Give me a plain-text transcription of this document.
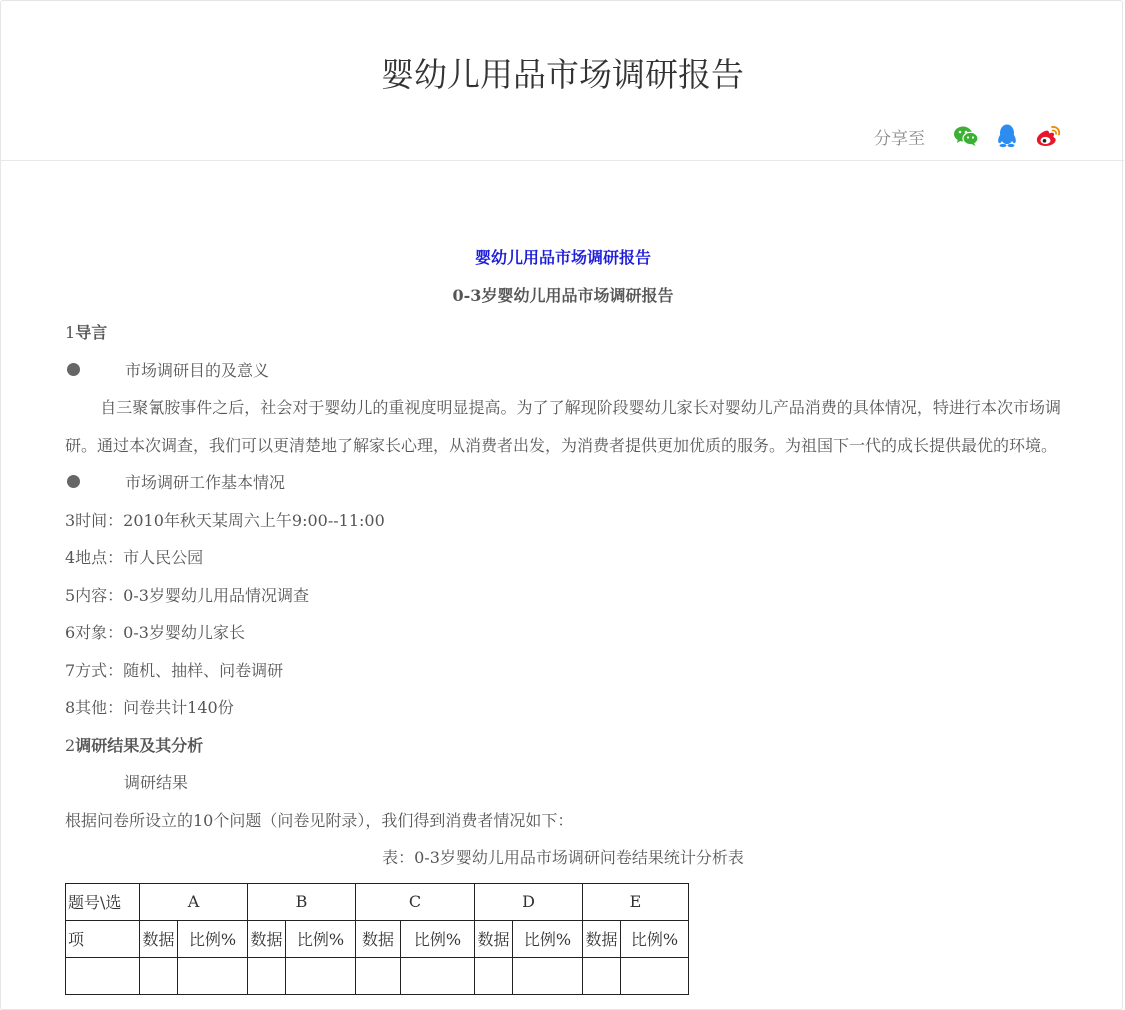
婴幼儿用品市场调研报告
分享至
婴幼儿用品市场调研报告
0-3岁婴幼儿用品市场调研报告
1导言
市场调研目的及意义
自三聚氰胺事件之后，社会对于婴幼儿的重视度明显提高。为了了解现阶段婴幼儿家长对婴幼儿产品消费的具体情况，特进行本次市场调研。通过本次调查，我们可以更清楚地了解家长心理，从消费者出发，为消费者提供更加优质的服务。为祖国下一代的成长提供最优的环境。
市场调研工作基本情况
3时间：2010年秋天某周六上午9:00--11:00
4地点：市人民公园
5内容：0-3岁婴幼儿用品情况调查
6对象：0-3岁婴幼儿家长
7方式：随机、抽样、问卷调研
8其他：问卷共计140份
2调研结果及其分析
调研结果
根据问卷所设立的10个问题（问卷见附录），我们得到消费者情况如下：
表：0-3岁婴幼儿用品市场调研问卷结果统计分析表
题号\选	A		B		C		D		E	
项	数据	比例%	数据	比例%	数据	比例%	数据	比例%	数据	比例%
